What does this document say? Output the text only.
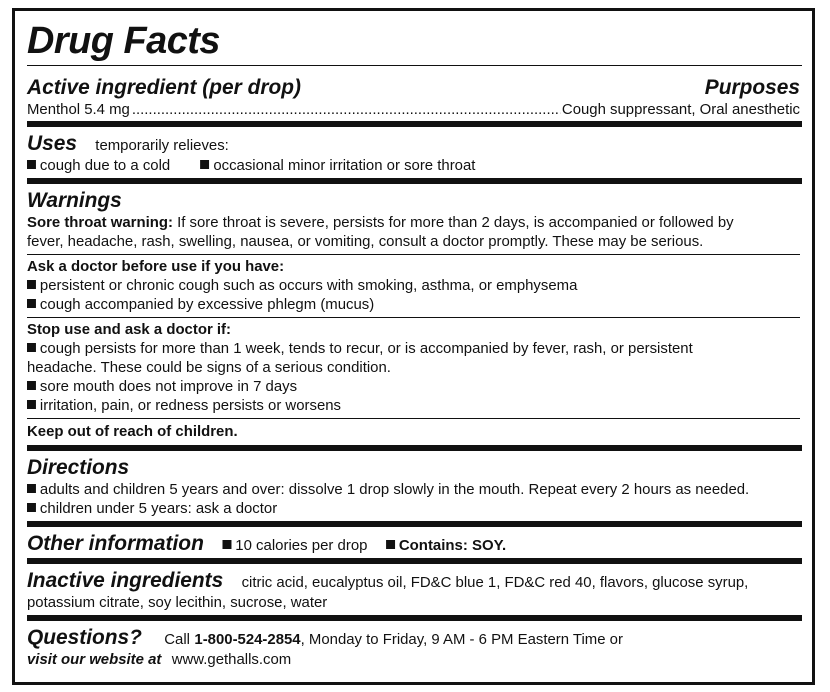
Drug Facts
Active ingredient (per drop)	Purposes
Menthol 5.4 mg
.....	Cough suppressant, Oral anesthetic
Uses temporarily relieves:
cough due to a cold	occasional minor irritation or sore throat
Warnings
Sore throat warning: If sore throat is severe, persists for more than 2 days, is accompanied or followed by
fever, headache, rash, swelling, nausea, or vomiting, consult a doctor promptly. These may be serious.
Ask a doctor before use if you have:
persistent or chronic cough such as occurs with smoking, asthma, or emphysema
cough accompanied by excessive phlegm (mucus)
Stop use and ask a doctor if:
cough persists for more than 1 week, tends to recur, or is accompanied by fever, rash, or persistent
headache. These could be signs of a serious condition.
sore mouth does not improve in 7 days
irritation, pain, or redness persists or worsens
Keep out of reach of children.
Directions
adults and children 5 years and over: dissolve 1 drop slowly in the mouth. Repeat every 2 hours as needed.
children under 5 years: ask a doctor
Other information 10 calories per drop Contains: SOY.
Inactive ingredients citric acid, eucalyptus oil, FD&C blue 1, FD&C red 40, flavors, glucose syrup,
potassium citrate, soy lecithin, sucrose, water
Questions? Call 1-800-524-2854, Monday to Friday, 9 AM - 6 PM Eastern Time or
visit our website at www.gethalls.com
